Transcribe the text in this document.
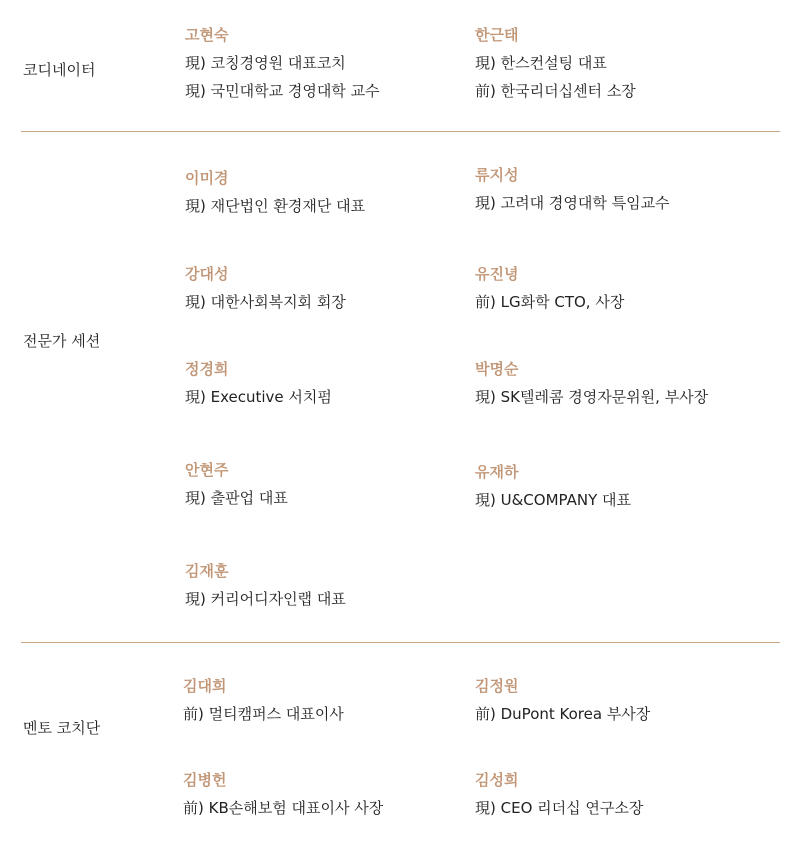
코디네이터
고현숙
現) 코칭경영원 대표코치
現) 국민대학교 경영대학 교수
한근태
現) 한스컨설팅 대표
前) 한국리더십센터 소장
전문가 세션
이미경
現) 재단법인 환경재단 대표
류지성
現) 고려대 경영대학 특임교수
강대성
現) 대한사회복지회 회장
유진녕
前) LG화학 CTO, 사장
정경희
現) Executive 서치펌
박명순
現) SK텔레콤 경영자문위원, 부사장
안현주
現) 출판업 대표
유재하
現) U&COMPANY 대표
김재훈
現) 커리어디자인랩 대표
멘토 코치단
김대희
前) 멀티캠퍼스 대표이사
김정원
前) DuPont Korea 부사장
김병헌
前) KB손해보험 대표이사 사장
김성희
現) CEO 리더십 연구소장
